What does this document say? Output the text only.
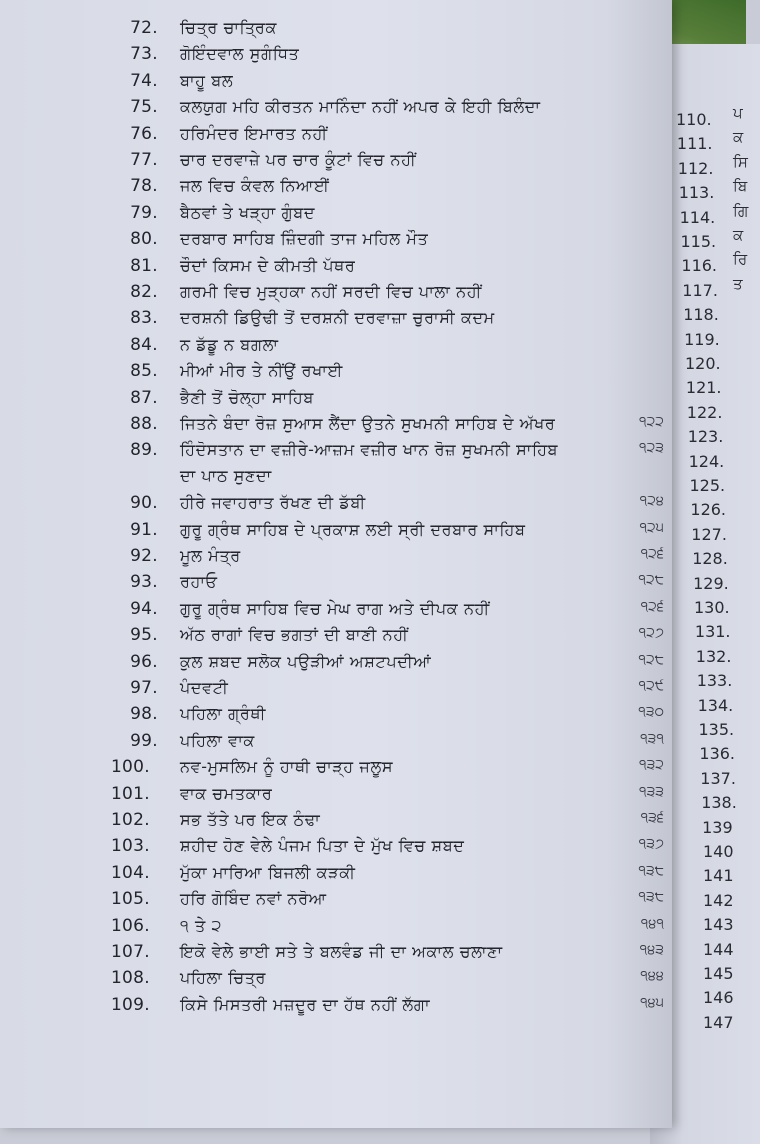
72. ਚਿਤ੍ਰ ਚਾਤ੍ਰਿਕ
73. ਗੋਇੰਦਵਾਲ ਸੁਗੰਧਿਤ
74. ਬਾਹੂ ਬਲ
75. ਕਲਯੁਗ ਮਹਿ ਕੀਰਤਨ ਮਾਨਿੰਦਾ ਨਹੀਂ ਅਪਰ ਕੇ ਇਹੀ ਬਿਲੰਦਾ
76. ਹਰਿਮੰਦਰ ਇਮਾਰਤ ਨਹੀਂ
77. ਚਾਰ ਦਰਵਾਜ਼ੇ ਪਰ ਚਾਰ ਕੂੰਟਾਂ ਵਿਚ ਨਹੀਂ
78. ਜਲ ਵਿਚ ਕੰਵਲ ਨਿਆਈਂ
79. ਬੈਠਵਾਂ ਤੇ ਖੜ੍ਹਾ ਗੁੰਬਦ
80. ਦਰਬਾਰ ਸਾਹਿਬ ਜ਼ਿੰਦਗੀ ਤਾਜ ਮਹਿਲ ਮੌਤ
81. ਚੌਦਾਂ ਕਿਸਮ ਦੇ ਕੀਮਤੀ ਪੱਥਰ
82. ਗਰਮੀ ਵਿਚ ਮੁੜ੍ਹਕਾ ਨਹੀਂ ਸਰਦੀ ਵਿਚ ਪਾਲਾ ਨਹੀਂ
83. ਦਰਸ਼ਨੀ ਡਿਉਢੀ ਤੋਂ ਦਰਸ਼ਨੀ ਦਰਵਾਜ਼ਾ ਚੁਰਾਸੀ ਕਦਮ
84. ਨ ਡੱਡੂ ਨ ਬਗਲਾ
85. ਮੀਆਂ ਮੀਰ ਤੇ ਨੀਂਉਂ ਰਖਾਈ
87. ਭੈਣੀ ਤੋਂ ਚੋਲ੍ਹਾ ਸਾਹਿਬ
88. ਜਿਤਨੇ ਬੰਦਾ ਰੋਜ਼ ਸੁਆਸ ਲੈਂਦਾ ਉਤਨੇ ਸੁਖਮਨੀ ਸਾਹਿਬ ਦੇ ਅੱਖਰ	੧੨੨
89. ਹਿੰਦੋਸਤਾਨ ਦਾ ਵਜ਼ੀਰੇ-ਆਜ਼ਮ ਵਜ਼ੀਰ ਖਾਨ ਰੋਜ਼ ਸੁਖਮਨੀ ਸਾਹਿਬ
ਦਾ ਪਾਠ ਸੁਣਦਾ
੧੨੩
90. ਹੀਰੇ ਜਵਾਹਰਾਤ ਰੱਖਣ ਦੀ ਡੱਬੀ	੧੨੪
91. ਗੁਰੂ ਗ੍ਰੰਥ ਸਾਹਿਬ ਦੇ ਪ੍ਰਕਾਸ਼ ਲਈ ਸ੍ਰੀ ਦਰਬਾਰ ਸਾਹਿਬ	੧੨੫
92. ਮੂਲ ਮੰਤ੍ਰ	੧੨੬
93. ਰਹਾਓ	੧੨੮
94. ਗੁਰੂ ਗ੍ਰੰਥ ਸਾਹਿਬ ਵਿਚ ਮੇਘ ਰਾਗ ਅਤੇ ਦੀਪਕ ਨਹੀਂ	੧੨੬
95. ਅੱਠ ਰਾਗਾਂ ਵਿਚ ਭਗਤਾਂ ਦੀ ਬਾਣੀ ਨਹੀਂ	੧੨੭
96. ਕੁਲ ਸ਼ਬਦ ਸਲੋਕ ਪਉੜੀਆਂ ਅਸ਼ਟਪਦੀਆਂ	੧੨੮
97. ਪੰਦਵਟੀ	੧੨੯
98. ਪਹਿਲਾ ਗ੍ਰੰਥੀ	੧੩੦
99. ਪਹਿਲਾ ਵਾਕ	੧੩੧
100. ਨਵ-ਮੁਸਲਿਮ ਨੂੰ ਹਾਥੀ ਚਾੜ੍ਹ ਜਲੂਸ	੧੩੨
101. ਵਾਕ ਚਮਤਕਾਰ	੧੩੩
102. ਸਭ ਤੱਤੇ ਪਰ ਇਕ ਠੰਢਾ	੧੩੬
103. ਸ਼ਹੀਦ ਹੋਣ ਵੇਲੇ ਪੰਜਮ ਪਿਤਾ ਦੇ ਮੁੱਖ ਵਿਚ ਸ਼ਬਦ	੧੩੭
104. ਮੁੱਕਾ ਮਾਰਿਆ ਬਿਜਲੀ ਕੜਕੀ	੧੩੮
105. ਹਰਿ ਗੋਬਿੰਦ ਨਵਾਂ ਨਰੋਆ	੧੩੮
106. ੧ ਤੇ ੨	੧੪੧
107. ਇਕੋ ਵੇਲੇ ਭਾਈ ਸਤੇ ਤੇ ਬਲਵੰਡ ਜੀ ਦਾ ਅਕਾਲ ਚਲਾਣਾ	੧੪੩
108. ਪਹਿਲਾ ਚਿਤ੍ਰ	੧੪੪
109. ਕਿਸੇ ਮਿਸਤਰੀ ਮਜ਼ਦੂਰ ਦਾ ਹੱਥ ਨਹੀਂ ਲੱਗਾ	੧੪੫
110. ਪ
111. ਕ
112. ਸਿ
113. ਬਿ
114. ਗਿ
115. ਕ
116. ਰਿ
117. ਤ
118.
119.
120.
121.
122.
123.
124.
125.
126.
127.
128.
129.
130.
131.
132.
133.
134.
135.
136.
137.
138.
139
140
141
142
143
144
145
146
147
